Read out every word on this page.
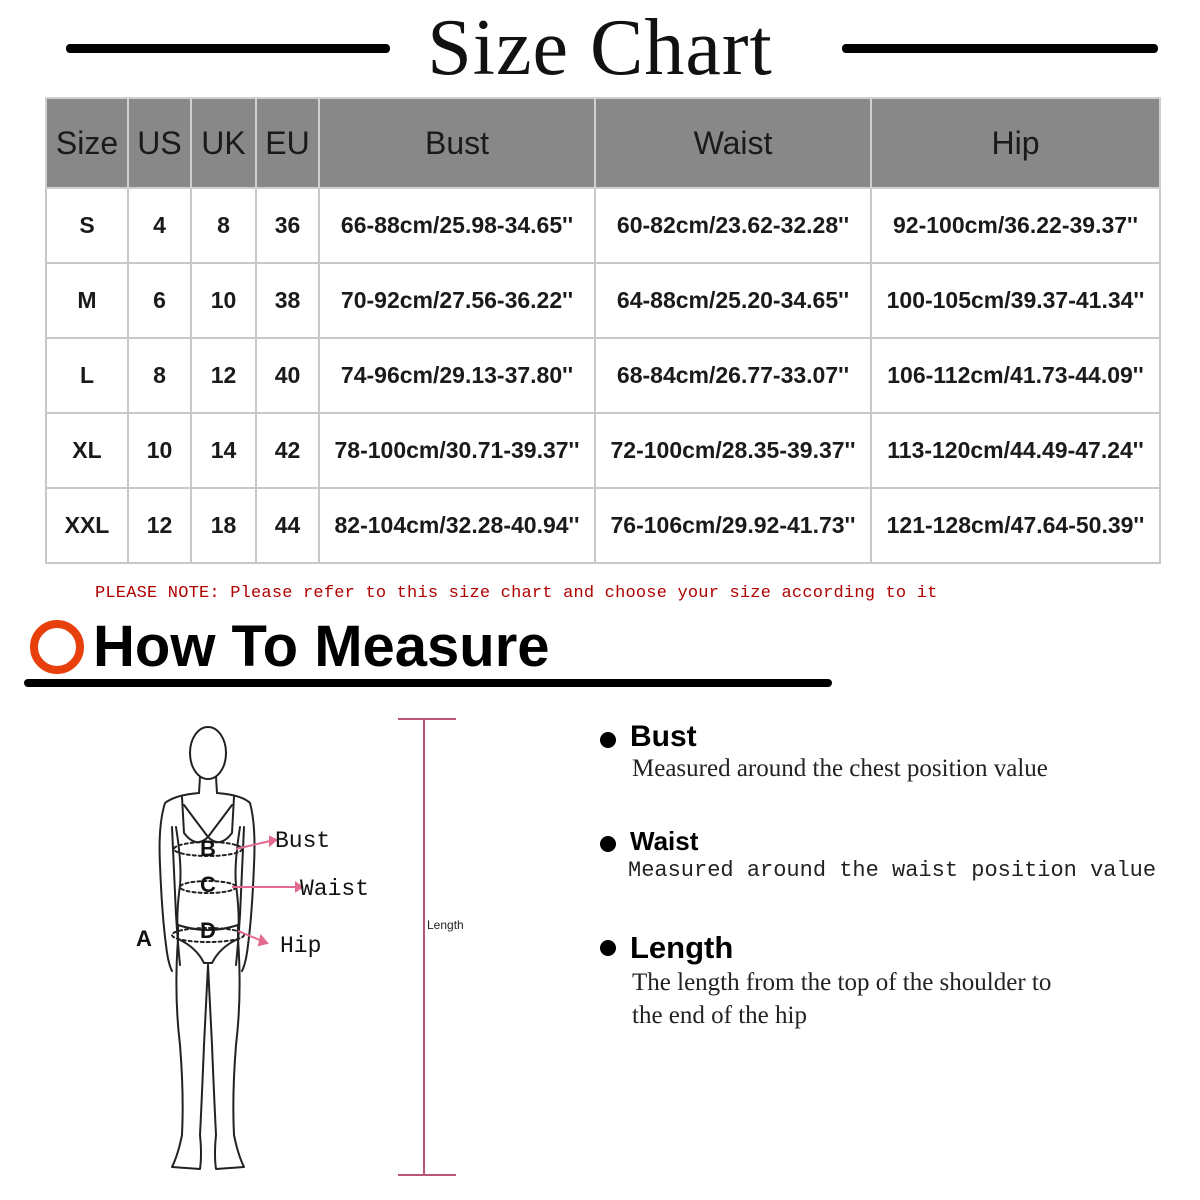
Size Chart
Size	US	UK	EU	Bust	Waist	Hip
S	4	8	36	66-88cm/25.98-34.65''	60-82cm/23.62-32.28''	92-100cm/36.22-39.37''
M	6	10	38	70-92cm/27.56-36.22''	64-88cm/25.20-34.65''	100-105cm/39.37-41.34''
L	8	12	40	74-96cm/29.13-37.80''	68-84cm/26.77-33.07''	106-112cm/41.73-44.09''
XL	10	14	42	78-100cm/30.71-39.37''	72-100cm/28.35-39.37''	113-120cm/44.49-47.24''
XXL	12	18	44	82-104cm/32.28-40.94''	76-106cm/29.92-41.73''	121-128cm/47.64-50.39''
PLEASE NOTE: Please refer to this size chart and choose your size according to it
How To Measure
A
B
C
D
Bust
Waist
Hip
Length
Bust
Measured around the chest position value
Waist
Measured around the waist position value
Length
The length from the top of the shoulder to
the end of the hip
